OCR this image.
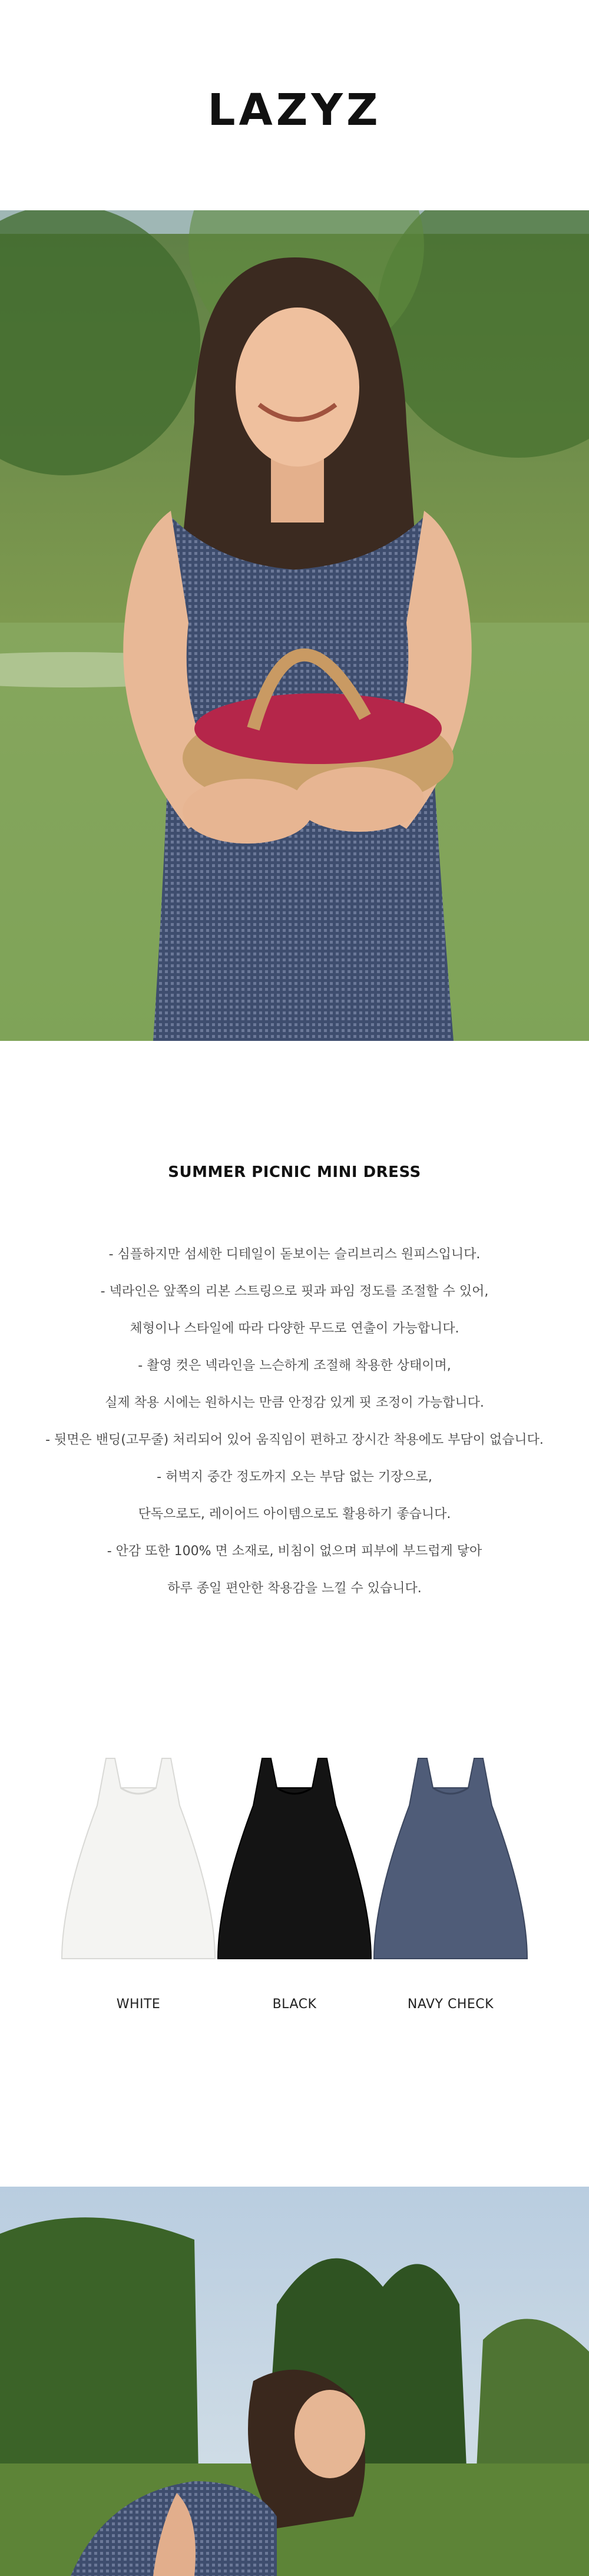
LAZYZ
SUMMER PICNIC MINI DRESS
- 심플하지만 섬세한 디테일이 돋보이는 슬리브리스 원피스입니다.
- 넥라인은 앞쪽의 리본 스트링으로 핏과 파임 정도를 조절할 수 있어,
체형이나 스타일에 따라 다양한 무드로 연출이 가능합니다.
- 촬영 컷은 넥라인을 느슨하게 조절해 착용한 상태이며,
실제 착용 시에는 원하시는 만큼 안정감 있게 핏 조정이 가능합니다.
- 뒷면은 밴딩(고무줄) 처리되어 있어 움직임이 편하고 장시간 착용에도 부담이 없습니다.
- 허벅지 중간 정도까지 오는 부담 없는 기장으로,
단독으로도, 레이어드 아이템으로도 활용하기 좋습니다.
- 안감 또한 100% 면 소재로, 비침이 없으며 피부에 부드럽게 닿아
하루 종일 편안한 착용감을 느낄 수 있습니다.
WHITE	BLACK	NAVY CHECK
